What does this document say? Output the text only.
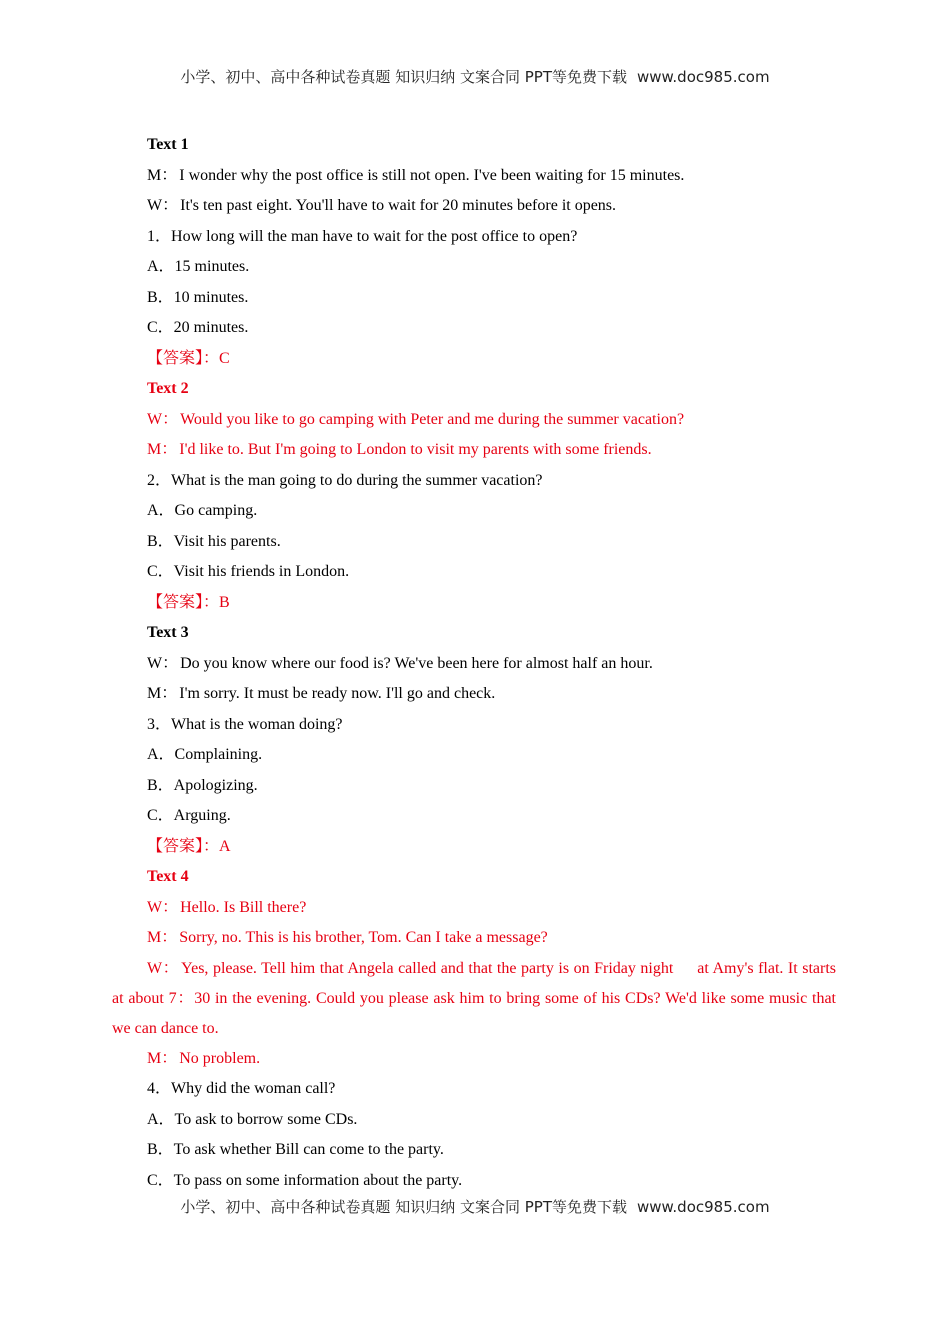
小学、初中、高中各种试卷真题 知识归纳 文案合同 PPT等免费下载 www.doc985.com
Text 1
M： I wonder why the post office is still not open. I've been waiting for 15 minutes.
W： It's ten past eight. You'll have to wait for 20 minutes before it opens.
1．How long will the man have to wait for the post office to open?
A．15 minutes.
B．10 minutes.
C．20 minutes.
【答案】：C
Text 2
W： Would you like to go camping with Peter and me during the summer vacation?
M： I'd like to. But I'm going to London to visit my parents with some friends.
2．What is the man going to do during the summer vacation?
A．Go camping.
B．Visit his parents.
C．Visit his friends in London.
【答案】：B
Text 3
W： Do you know where our food is? We've been here for almost half an hour.
M： I'm sorry. It must be ready now. I'll go and check.
3．What is the woman doing?
A．Complaining.
B．Apologizing.
C．Arguing.
【答案】：A
Text 4
W： Hello. Is Bill there?
M： Sorry, no. This is his brother, Tom. Can I take a message?
W： Yes, please. Tell him that Angela called and that the party is on Friday night at Amy's flat. It starts at about 7：30 in the evening. Could you please ask him to bring some of his CDs? We'd like some music that we can dance to.
M： No problem.
4．Why did the woman call?
A．To ask to borrow some CDs.
B．To ask whether Bill can come to the party.
C．To pass on some information about the party.
小学、初中、高中各种试卷真题 知识归纳 文案合同 PPT等免费下载 www.doc985.com
